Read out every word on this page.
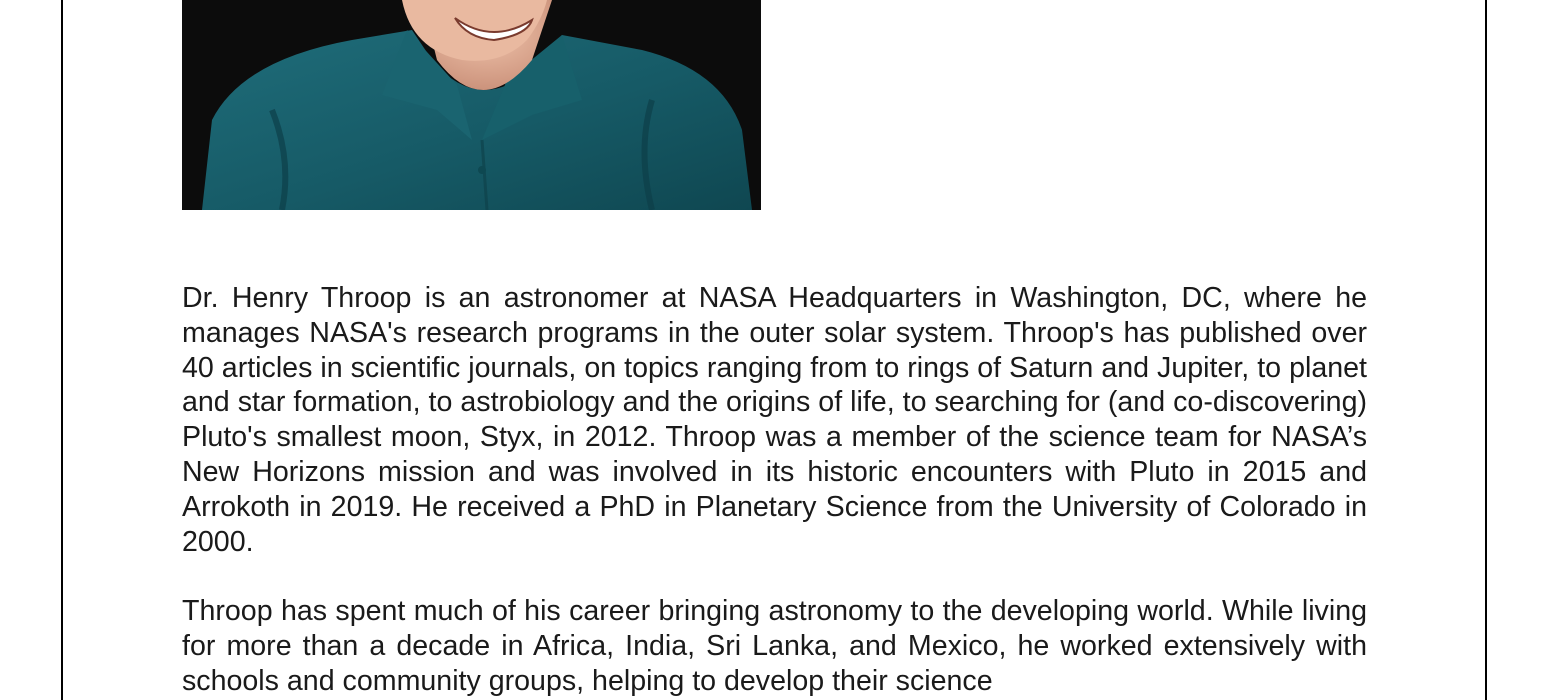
Dr. Henry Throop is an astronomer at NASA Headquarters in Washington, DC, where he manages NASA's research programs in the outer solar system. Throop's has published over 40 articles in scientific journals, on topics ranging from to rings of Saturn and Jupiter, to planet and star formation, to astrobiology and the origins of life, to searching for (and co-discovering) Pluto's smallest moon, Styx, in 2012. Throop was a member of the science team for NASA’s New Horizons mission and was involved in its historic encounters with Pluto in 2015 and Arrokoth in 2019. He received a PhD in Planetary Science from the University of Colorado in 2000.

Throop has spent much of his career bringing astronomy to the developing world. While living for more than a decade in Africa, India, Sri Lanka, and Mexico, he worked extensively with schools and community groups, helping to develop their science
